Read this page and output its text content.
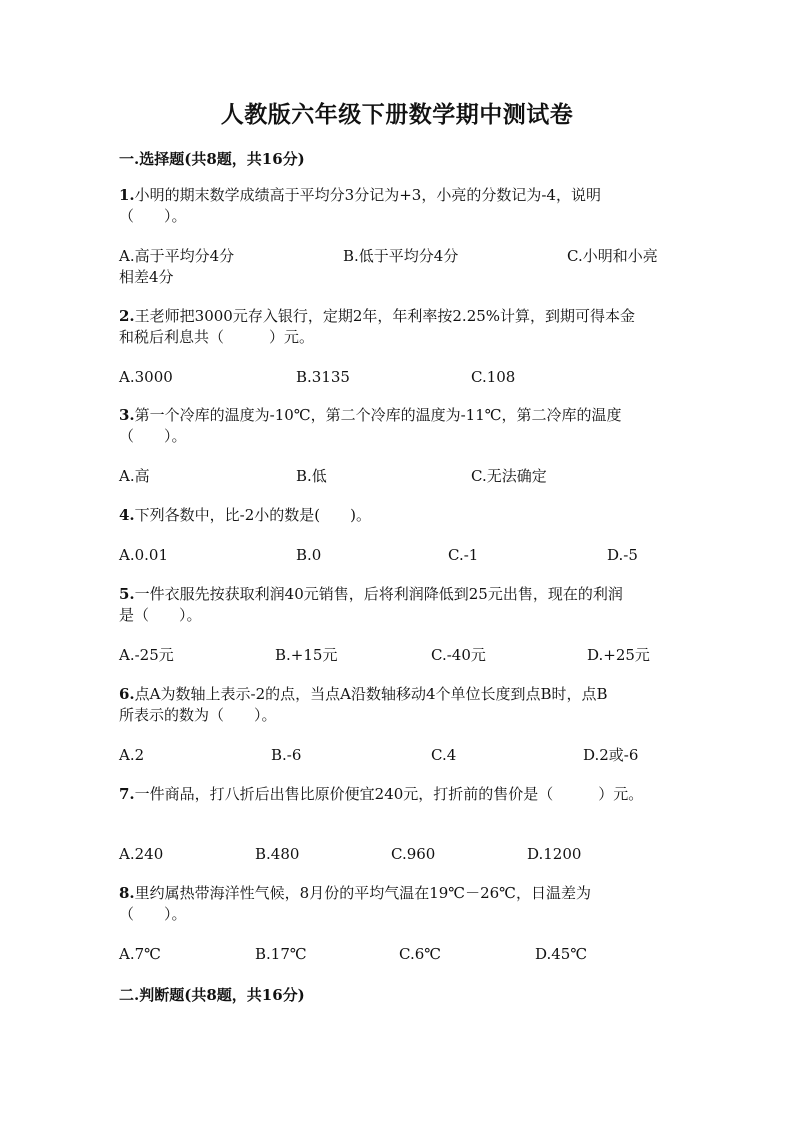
人教版六年级下册数学期中测试卷
一.选择题(共8题，共16分)
1.小明的期末数学成绩高于平均分3分记为+3，小亮的分数记为-4，说明
（　　）。
A.高于平均分4分	B.低于平均分4分	C.小明和小亮
相差4分
2.王老师把3000元存入银行，定期2年，年利率按2.25%计算，到期可得本金
和税后利息共（　　　）元。
A.3000	B.3135	C.108
3.第一个冷库的温度为-10℃，第二个冷库的温度为-11℃，第二冷库的温度
（　　）。
A.高	B.低	C.无法确定
4.下列各数中，比-2小的数是(　　)。
A.0.01	B.0	C.-1	D.-5
5.一件衣服先按获取利润40元销售，后将利润降低到25元出售，现在的利润
是（　　）。
A.-25元	B.+15元	C.-40元	D.+25元
6.点A为数轴上表示-2的点，当点A沿数轴移动4个单位长度到点B时，点B
所表示的数为（　　）。
A.2	B.-6	C.4	D.2或-6
7.一件商品，打八折后出售比原价便宜240元，打折前的售价是（　　　）元。
A.240	B.480	C.960	D.1200
8.里约属热带海洋性气候，8月份的平均气温在19℃－26℃，日温差为
（　　）。
A.7℃	B.17℃	C.6℃	D.45℃
二.判断题(共8题，共16分)
